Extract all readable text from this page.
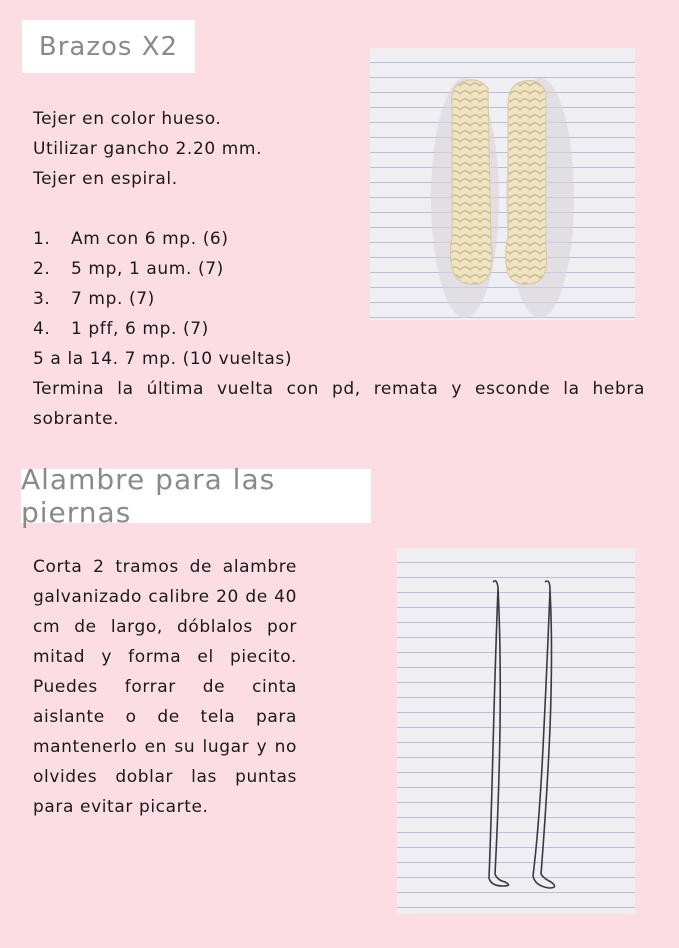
Brazos X2
Tejer en color hueso.
Utilizar gancho 2.20 mm.
Tejer en espiral.
1. Am con 6 mp. (6)
2. 5 mp, 1 aum. (7)
3. 7 mp. (7)
4. 1 pff, 6 mp. (7)
5 a la 14. 7 mp. (10 vueltas)
Termina la última vuelta con pd, remata y esconde la hebra sobrante.
Alambre para las piernas
Corta 2 tramos de alambre galvanizado calibre 20 de 40 cm de largo, dóblalos por mitad y forma el piecito. Puedes forrar de cinta aislante o de tela para mantenerlo en su lugar y no olvides doblar las puntas para evitar picarte.
